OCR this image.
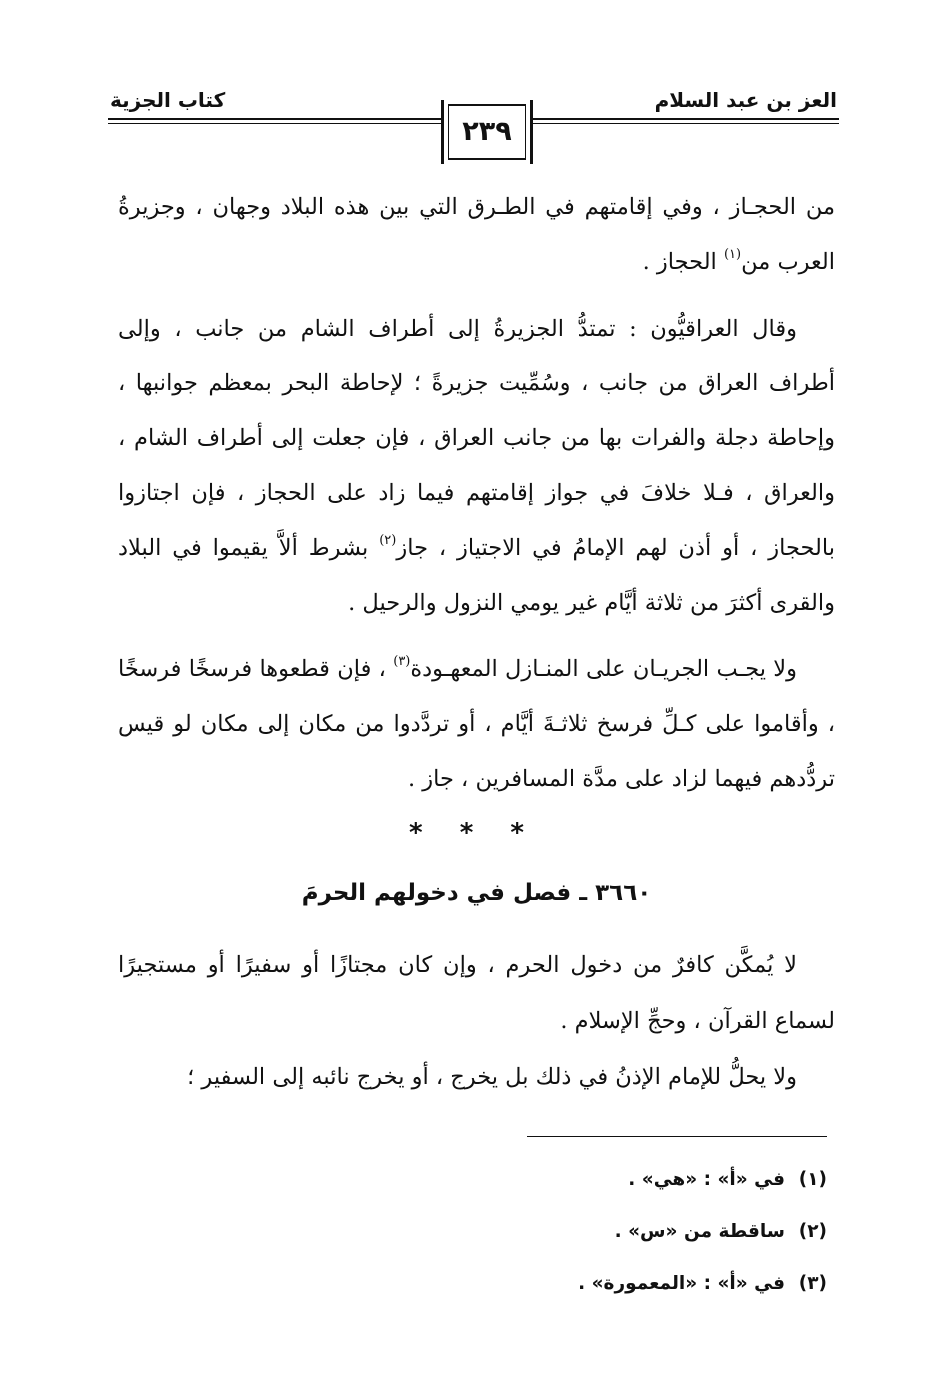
العز بن عبد السلام
كتاب الجزية
٢٣٩

من الحجـاز ، وفي إقامتهم في الطـرق التي بين هذه البلاد وجهان ، وجزيرةُ العرب من$^{(١)}$ الحجاز .

وقال العراقيُّون : تمتدُّ الجزيرةُ إلى أطراف الشام من جانب ، وإلى أطراف العراق من جانب ، وسُمِّيت جزيرةً ؛ لإحاطة البحر بمعظم جوانبها ، وإحاطة دجلة والفرات بها من جانب العراق ، فإن جعلت إلى أطراف الشام ، والعراق ، فـلا خلافَ في جواز إقامتهم فيما زاد على الحجاز ، فإن اجتازوا بالحجاز ، أو أذن لهم الإمامُ في الاجتياز ، جاز$^{(٢)}$ بشرط ألاَّ يقيموا في البلاد والقرى أكثرَ من ثلاثة أيَّام غير يومي النزول والرحيل .

ولا يجـب الجريـان على المنـازل المعهـودة$^{(٣)}$ ، فإن قطعوها فرسخًا فرسخًا ، وأقاموا على كـلِّ فرسخ ثلاثـةَ أيَّام ، أو تردَّدوا من مكان إلى مكان لو قيس تردُّدهم فيهما لزاد على مدَّة المسافرين ، جاز .

* * *
٣٦٦٠ ـ فصل في دخولهم الحرمَ

لا يُمكَّن كافرٌ من دخول الحرم ، وإن كان مجتازًا أو سفيرًا أو مستجيرًا لسماع القرآن ، وحجِّ الإسلام .

ولا يحلُّ للإمام الإذنُ في ذلك بل يخرج ، أو يخرج نائبه إلى السفير ؛

(١)
في «أ» : «هي» .
(٢)
ساقطة من «س» .
(٣)
في «أ» : «المعمورة» .
